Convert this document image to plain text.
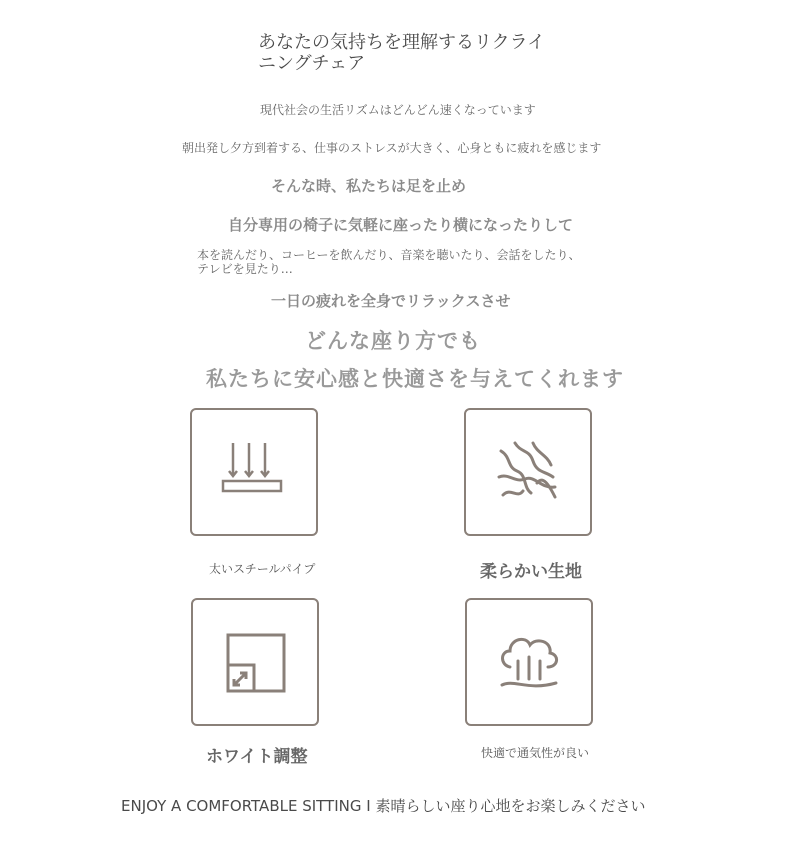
あなたの気持ちを理解するリクライニングチェア
現代社会の生活リズムはどんどん速くなっています
朝出発し夕方到着する、仕事のストレスが大きく、心身ともに疲れを感じます
そんな時、私たちは足を止め
自分専用の椅子に気軽に座ったり横になったりして
本を読んだり、コーヒーを飲んだり、音楽を聴いたり、会話をしたり、
テレビを見たり…
一日の疲れを全身でリラックスさせ
どんな座り方でも
私たちに安心感と快適さを与えてくれます
太いスチールパイプ	柔らかい生地
ホワイト調整	快適で通気性が良い
ENJOY A COMFORTABLE SITTING I 素晴らしい座り心地をお楽しみください
